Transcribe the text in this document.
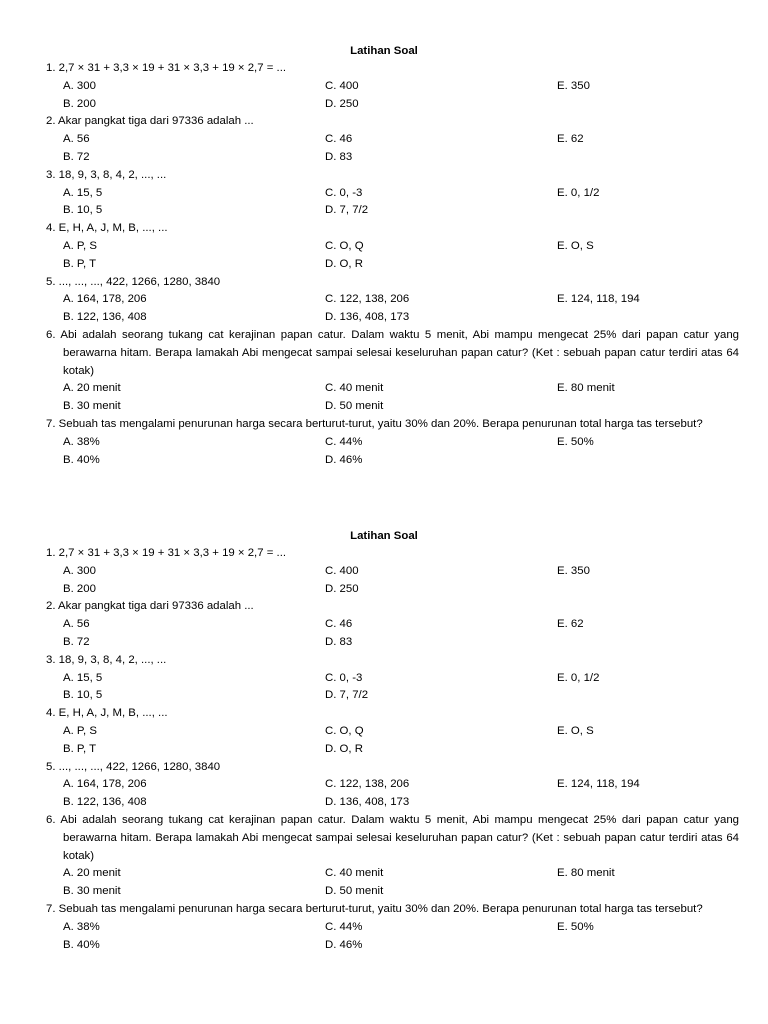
Latihan Soal
1. 2,7 × 31 + 3,3 × 19 + 31 × 3,3 + 19 × 2,7 = ...
A. 300	C. 400	E. 350
B. 200	D. 250
2. Akar pangkat tiga dari 97336 adalah ...
A. 56	C. 46	E. 62
B. 72	D. 83
3. 18, 9, 3, 8, 4, 2, ..., ...
A. 15, 5	C. 0, -3	E. 0, 1/2
B. 10, 5	D. 7, 7/2
4. E, H, A, J, M, B, ..., ...
A. P, S	C. O, Q	E. O, S
B. P, T	D. O, R
5. ..., ..., ..., 422, 1266, 1280, 3840
A. 164, 178, 206	C. 122, 138, 206	E. 124, 118, 194
B. 122, 136, 408	D. 136, 408, 173
6. Abi adalah seorang tukang cat kerajinan papan catur. Dalam waktu 5 menit, Abi mampu mengecat 25% dari papan catur yang berawarna hitam. Berapa lamakah Abi mengecat sampai selesai keseluruhan papan catur? (Ket : sebuah papan catur terdiri atas 64 kotak)
A. 20 menit	C. 40 menit	E. 80 menit
B. 30 menit	D. 50 menit
7. Sebuah tas mengalami penurunan harga secara berturut-turut, yaitu 30% dan 20%. Berapa penurunan total harga tas tersebut?
A. 38%	C. 44%	E. 50%
B. 40%	D. 46%
Latihan Soal
1. 2,7 × 31 + 3,3 × 19 + 31 × 3,3 + 19 × 2,7 = ...
A. 300	C. 400	E. 350
B. 200	D. 250
2. Akar pangkat tiga dari 97336 adalah ...
A. 56	C. 46	E. 62
B. 72	D. 83
3. 18, 9, 3, 8, 4, 2, ..., ...
A. 15, 5	C. 0, -3	E. 0, 1/2
B. 10, 5	D. 7, 7/2
4. E, H, A, J, M, B, ..., ...
A. P, S	C. O, Q	E. O, S
B. P, T	D. O, R
5. ..., ..., ..., 422, 1266, 1280, 3840
A. 164, 178, 206	C. 122, 138, 206	E. 124, 118, 194
B. 122, 136, 408	D. 136, 408, 173
6. Abi adalah seorang tukang cat kerajinan papan catur. Dalam waktu 5 menit, Abi mampu mengecat 25% dari papan catur yang berawarna hitam. Berapa lamakah Abi mengecat sampai selesai keseluruhan papan catur? (Ket : sebuah papan catur terdiri atas 64 kotak)
A. 20 menit	C. 40 menit	E. 80 menit
B. 30 menit	D. 50 menit
7. Sebuah tas mengalami penurunan harga secara berturut-turut, yaitu 30% dan 20%. Berapa penurunan total harga tas tersebut?
A. 38%	C. 44%	E. 50%
B. 40%	D. 46%
